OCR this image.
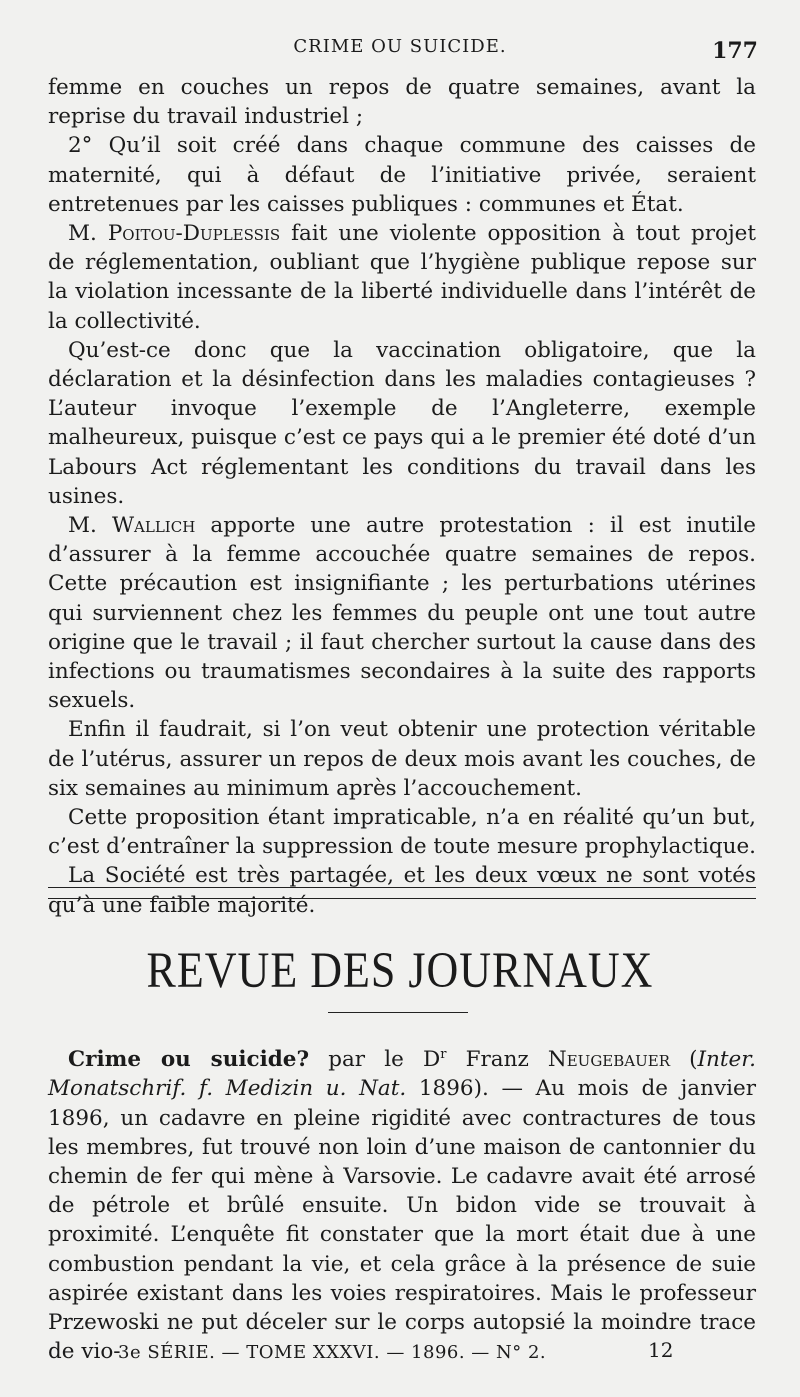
CRIME OU SUICIDE.	177

femme en couches un repos de quatre semaines, avant la reprise du travail industriel ;

2° Qu’il soit créé dans chaque commune des caisses de maternité, qui à défaut de l’initiative privée, seraient entretenues par les caisses publiques : communes et État.

M. Poitou-Duplessis fait une violente opposition à tout projet de réglementation, oubliant que l’hygiène publique repose sur la violation incessante de la liberté individuelle dans l’intérêt de la collectivité.

Qu’est-ce donc que la vaccination obligatoire, que la déclaration et la désinfection dans les maladies contagieuses ? L’auteur invoque l’exemple de l’Angleterre, exemple malheureux, puisque c’est ce pays qui a le premier été doté d’un Labours Act réglementant les conditions du travail dans les usines.

M. Wallich apporte une autre protestation : il est inutile d’assurer à la femme accouchée quatre semaines de repos. Cette précaution est insignifiante ; les perturbations utérines qui surviennent chez les femmes du peuple ont une tout autre origine que le travail ; il faut chercher surtout la cause dans des infections ou traumatismes secondaires à la suite des rapports sexuels.

Enfin il faudrait, si l’on veut obtenir une protection véritable de l’utérus, assurer un repos de deux mois avant les couches, de six semaines au minimum après l’accouchement.

Cette proposition étant impraticable, n’a en réalité qu’un but, c’est d’entraîner la suppression de toute mesure prophylactique.

La Société est très partagée, et les deux vœux ne sont votés qu’à une faible majorité.

REVUE DES JOURNAUX

Crime ou suicide? par le $D^r$ Franz Neugebauer (Inter. Monatschrif. f. Medizin u. Nat. 1896). — Au mois de janvier 1896, un cadavre en pleine rigidité avec contractures de tous les membres, fut trouvé non loin d’une maison de cantonnier du chemin de fer qui mène à Varsovie. Le cadavre avait été arrosé de pétrole et brûlé ensuite. Un bidon vide se trouvait à proximité. L’enquête fit constater que la mort était due à une combustion pendant la vie, et cela grâce à la présence de suie aspirée existant dans les voies respiratoires. Mais le professeur Przewoski ne put déceler sur le corps autopsié la moindre trace de vio-

3e SÉRIE. — TOME XXXVI. — 1896. — N° 2.	12
